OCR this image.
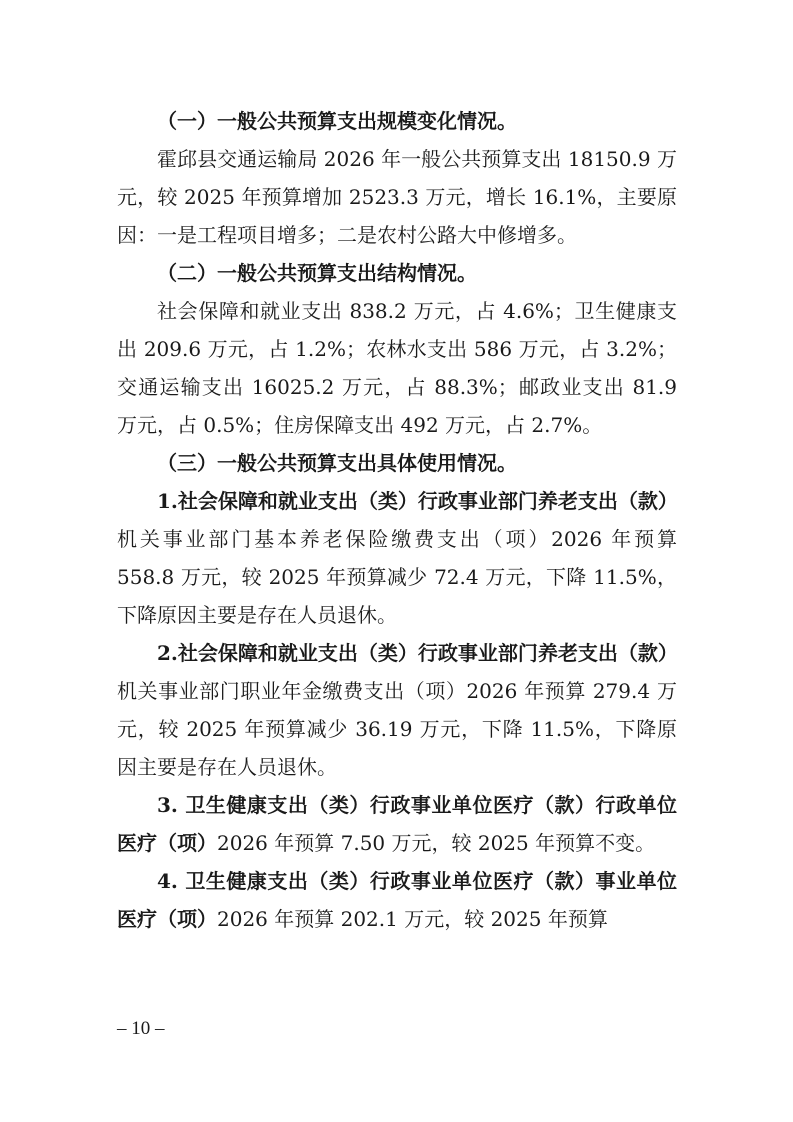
（一）一般公共预算支出规模变化情况。

霍邱县交通运输局 2026 年一般公共预算支出 18150.9 万元，较 2025 年预算增加 2523.3 万元，增长 16.1%，主要原因：一是工程项目增多；二是农村公路大中修增多。

（二）一般公共预算支出结构情况。

社会保障和就业支出 838.2 万元，占 4.6%；卫生健康支出 209.6 万元，占 1.2%；农林水支出 586 万元，占 3.2%；交通运输支出 16025.2 万元，占 88.3%；邮政业支出 81.9 万元，占 0.5%；住房保障支出 492 万元，占 2.7%。

（三）一般公共预算支出具体使用情况。

1.社会保障和就业支出（类）行政事业部门养老支出（款）机关事业部门基本养老保险缴费支出（项）2026 年预算 558.8 万元，较 2025 年预算减少 72.4 万元，下降 11.5%，下降原因主要是存在人员退休。

2.社会保障和就业支出（类）行政事业部门养老支出（款）机关事业部门职业年金缴费支出（项）2026 年预算 279.4 万元，较 2025 年预算减少 36.19 万元，下降 11.5%，下降原因主要是存在人员退休。

3. 卫生健康支出（类）行政事业单位医疗（款）行政单位医疗（项）2026 年预算 7.50 万元，较 2025 年预算不变。

4. 卫生健康支出（类）行政事业单位医疗（款）事业单位医疗（项）2026 年预算 202.1 万元，较 2025 年预算

– 10 –
